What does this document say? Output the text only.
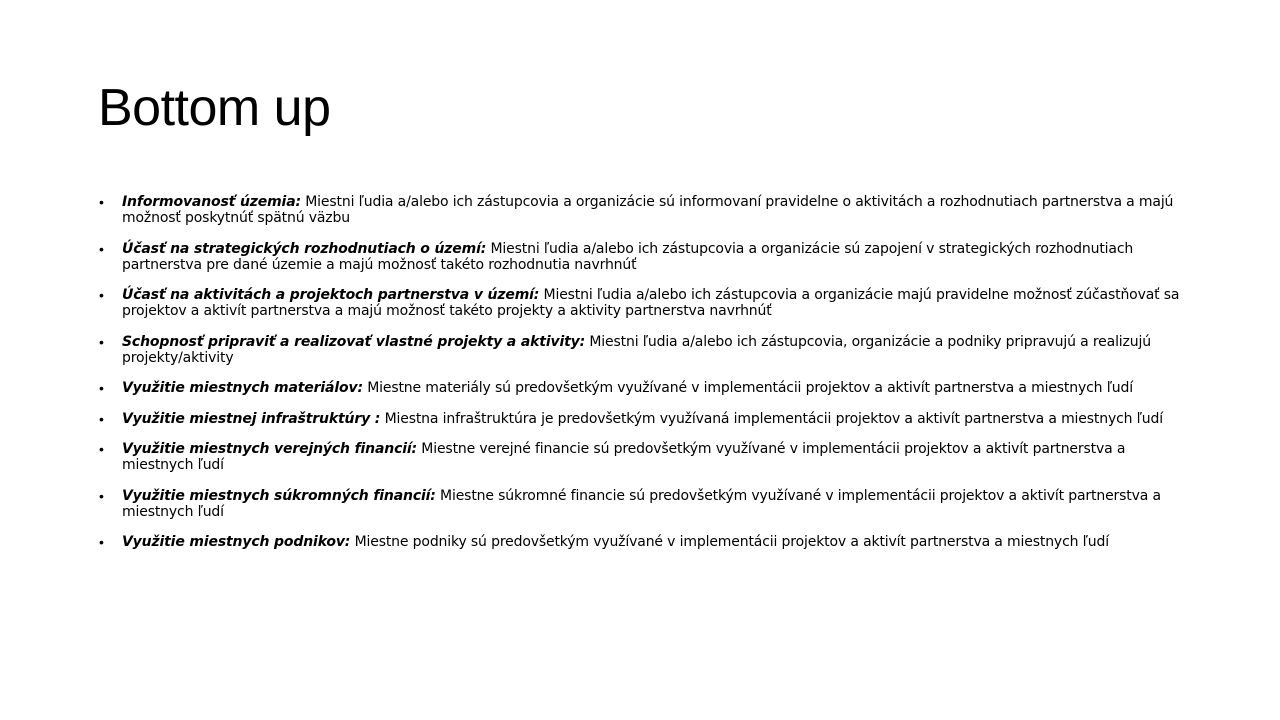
Bottom up
• Informovanosť územia: Miestni ľudia a/alebo ich zástupcovia a organizácie sú informovaní pravidelne o aktivitách a rozhodnutiach partnerstva a majú možnosť poskytnúť spätnú väzbu
• Účasť na strategických rozhodnutiach o území: Miestni ľudia a/alebo ich zástupcovia a organizácie sú zapojení v strategických rozhodnutiach partnerstva pre dané územie a majú možnosť takéto rozhodnutia navrhnúť
• Účasť na aktivitách a projektoch partnerstva v území: Miestni ľudia a/alebo ich zástupcovia a organizácie majú pravidelne možnosť zúčastňovať sa projektov a aktivít partnerstva a majú možnosť takéto projekty a aktivity partnerstva navrhnúť
• Schopnosť pripraviť a realizovať vlastné projekty a aktivity: Miestni ľudia a/alebo ich zástupcovia, organizácie a podniky pripravujú a realizujú projekty/aktivity
• Využitie miestnych materiálov: Miestne materiály sú predovšetkým využívané v implementácii projektov a aktivít partnerstva a miestnych ľudí
• Využitie miestnej infraštruktúry : Miestna infraštruktúra je predovšetkým využívaná implementácii projektov a aktivít partnerstva a miestnych ľudí
• Využitie miestnych verejných financií: Miestne verejné financie sú predovšetkým využívané v implementácii projektov a aktivít partnerstva a miestnych ľudí
• Využitie miestnych súkromných financií: Miestne súkromné financie sú predovšetkým využívané v implementácii projektov a aktivít partnerstva a miestnych ľudí
• Využitie miestnych podnikov: Miestne podniky sú predovšetkým využívané v implementácii projektov a aktivít partnerstva a miestnych ľudí
